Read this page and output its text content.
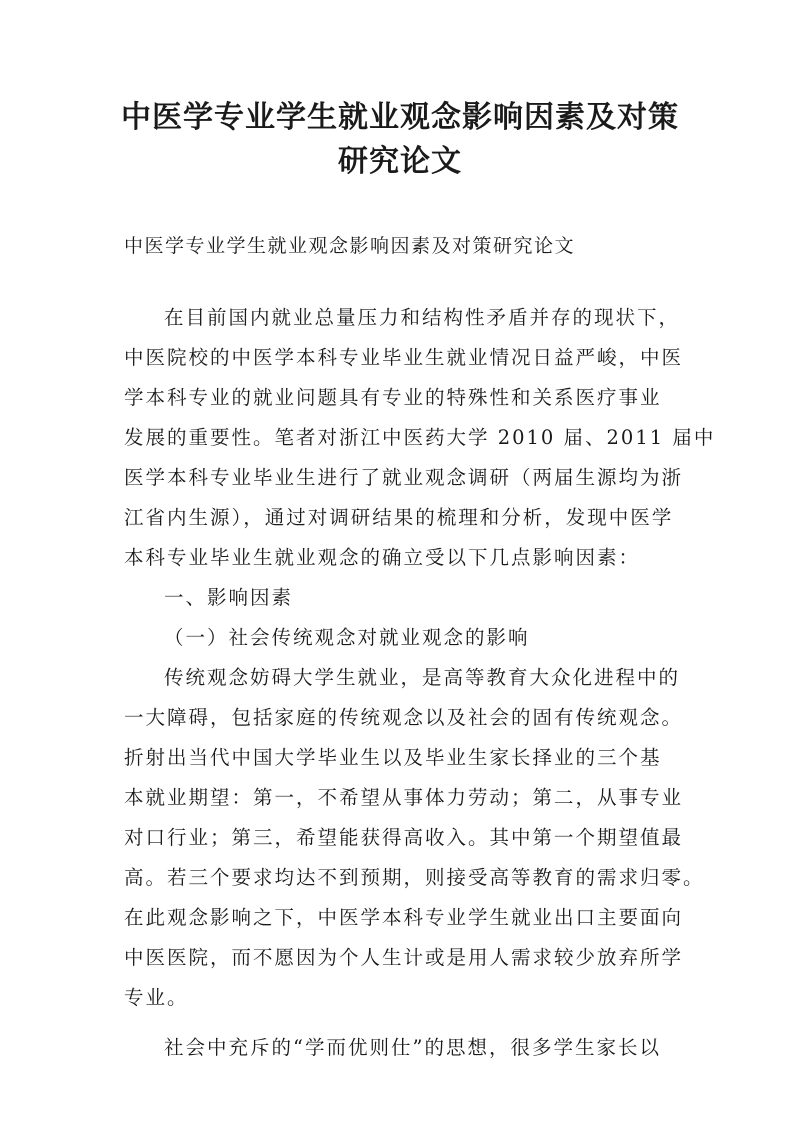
中医学专业学生就业观念影响因素及对策
研究论文

中医学专业学生就业观念影响因素及对策研究论文

在目前国内就业总量压力和结构性矛盾并存的现状下，

中医院校的中医学本科专业毕业生就业情况日益严峻，中医

学本科专业的就业问题具有专业的特殊性和关系医疗事业

发展的重要性。笔者对浙江中医药大学 2010 届、2011 届中

医学本科专业毕业生进行了就业观念调研（两届生源均为浙

江省内生源），通过对调研结果的梳理和分析，发现中医学

本科专业毕业生就业观念的确立受以下几点影响因素：

一、影响因素

（一）社会传统观念对就业观念的影响

传统观念妨碍大学生就业，是高等教育大众化进程中的

一大障碍，包括家庭的传统观念以及社会的固有传统观念。

折射出当代中国大学毕业生以及毕业生家长择业的三个基

本就业期望：第一，不希望从事体力劳动；第二，从事专业

对口行业；第三，希望能获得高收入。其中第一个期望值最

高。若三个要求均达不到预期，则接受高等教育的需求归零。

在此观念影响之下，中医学本科专业学生就业出口主要面向

中医医院，而不愿因为个人生计或是用人需求较少放弃所学

专业。

社会中充斥的“学而优则仕”的思想，很多学生家长以
